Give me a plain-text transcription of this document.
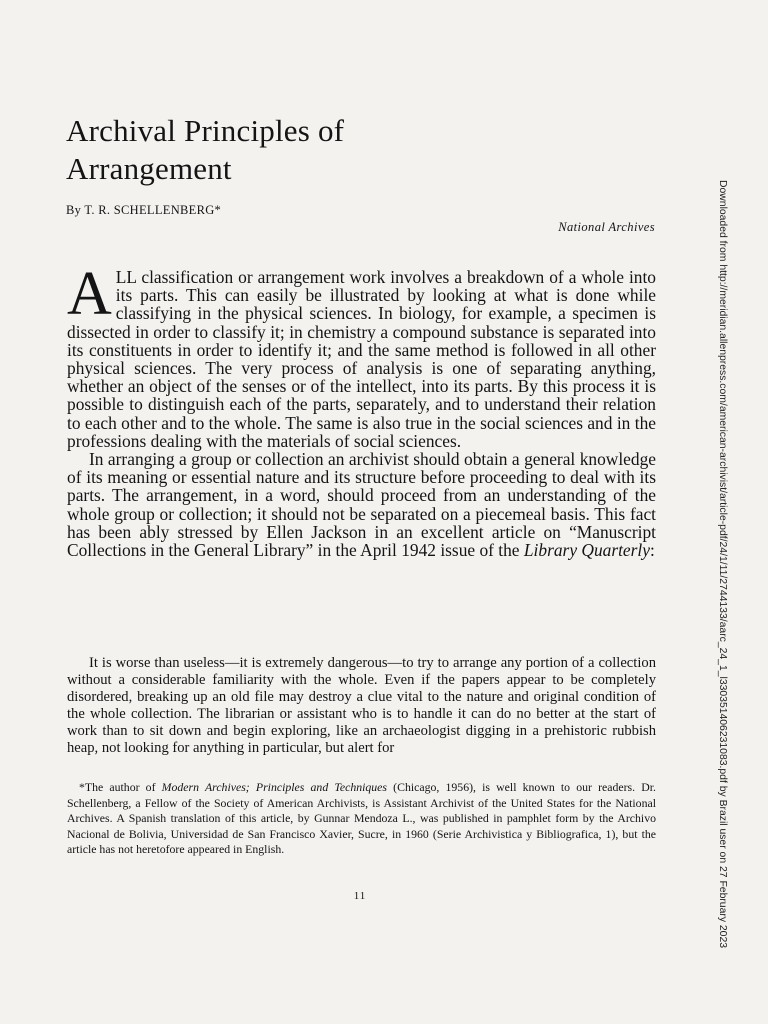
Archival Principles of
Arrangement
By T. R. SCHELLENBERG*
National Archives

ALL classification or arrangement work involves a breakdown of a whole into its parts. This can easily be illustrated by looking at what is done while classifying in the physical sciences. In biology, for example, a specimen is dissected in order to classify it; in chemistry a compound substance is separated into its constituents in order to identify it; and the same method is followed in all other physical sciences. The very process of analysis is one of separating anything, whether an object of the senses or of the intellect, into its parts. By this process it is possible to distinguish each of the parts, separately, and to understand their relation to each other and to the whole. The same is also true in the social sciences and in the professions dealing with the materials of social sciences.

In arranging a group or collection an archivist should obtain a general knowledge of its meaning or essential nature and its structure before proceeding to deal with its parts. The arrangement, in a word, should proceed from an understanding of the whole group or collection; it should not be separated on a piecemeal basis. This fact has been ably stressed by Ellen Jackson in an excellent article on “Manuscript Collections in the General Library” in the April 1942 issue of the Library Quarterly:

It is worse than useless—it is extremely dangerous—to try to arrange any portion of a collection without a considerable familiarity with the whole. Even if the papers appear to be completely disordered, breaking up an old file may destroy a clue vital to the nature and original condition of the whole collection. The librarian or assistant who is to handle it can do no better at the start of work than to sit down and begin exploring, like an archaeologist digging in a prehistoric rubbish heap, not looking for anything in particular, but alert for

*The author of Modern Archives; Principles and Techniques (Chicago, 1956), is well known to our readers. Dr. Schellenberg, a Fellow of the Society of American Archivists, is Assistant Archivist of the United States for the National Archives. A Spanish translation of this article, by Gunnar Mendoza L., was published in pamphlet form by the Archivo Nacional de Bolivia, Universidad de San Francisco Xavier, Sucre, in 1960 (Serie Archivistica y Bibliografica, 1), but the article has not heretofore appeared in English.

11	Downloaded from http://meridian.allenpress.com/american-archivist/article-pdf/24/1/11/2744133/aarc_24_1_l330351406231083.pdf by Brazil user on 27 February 2023
